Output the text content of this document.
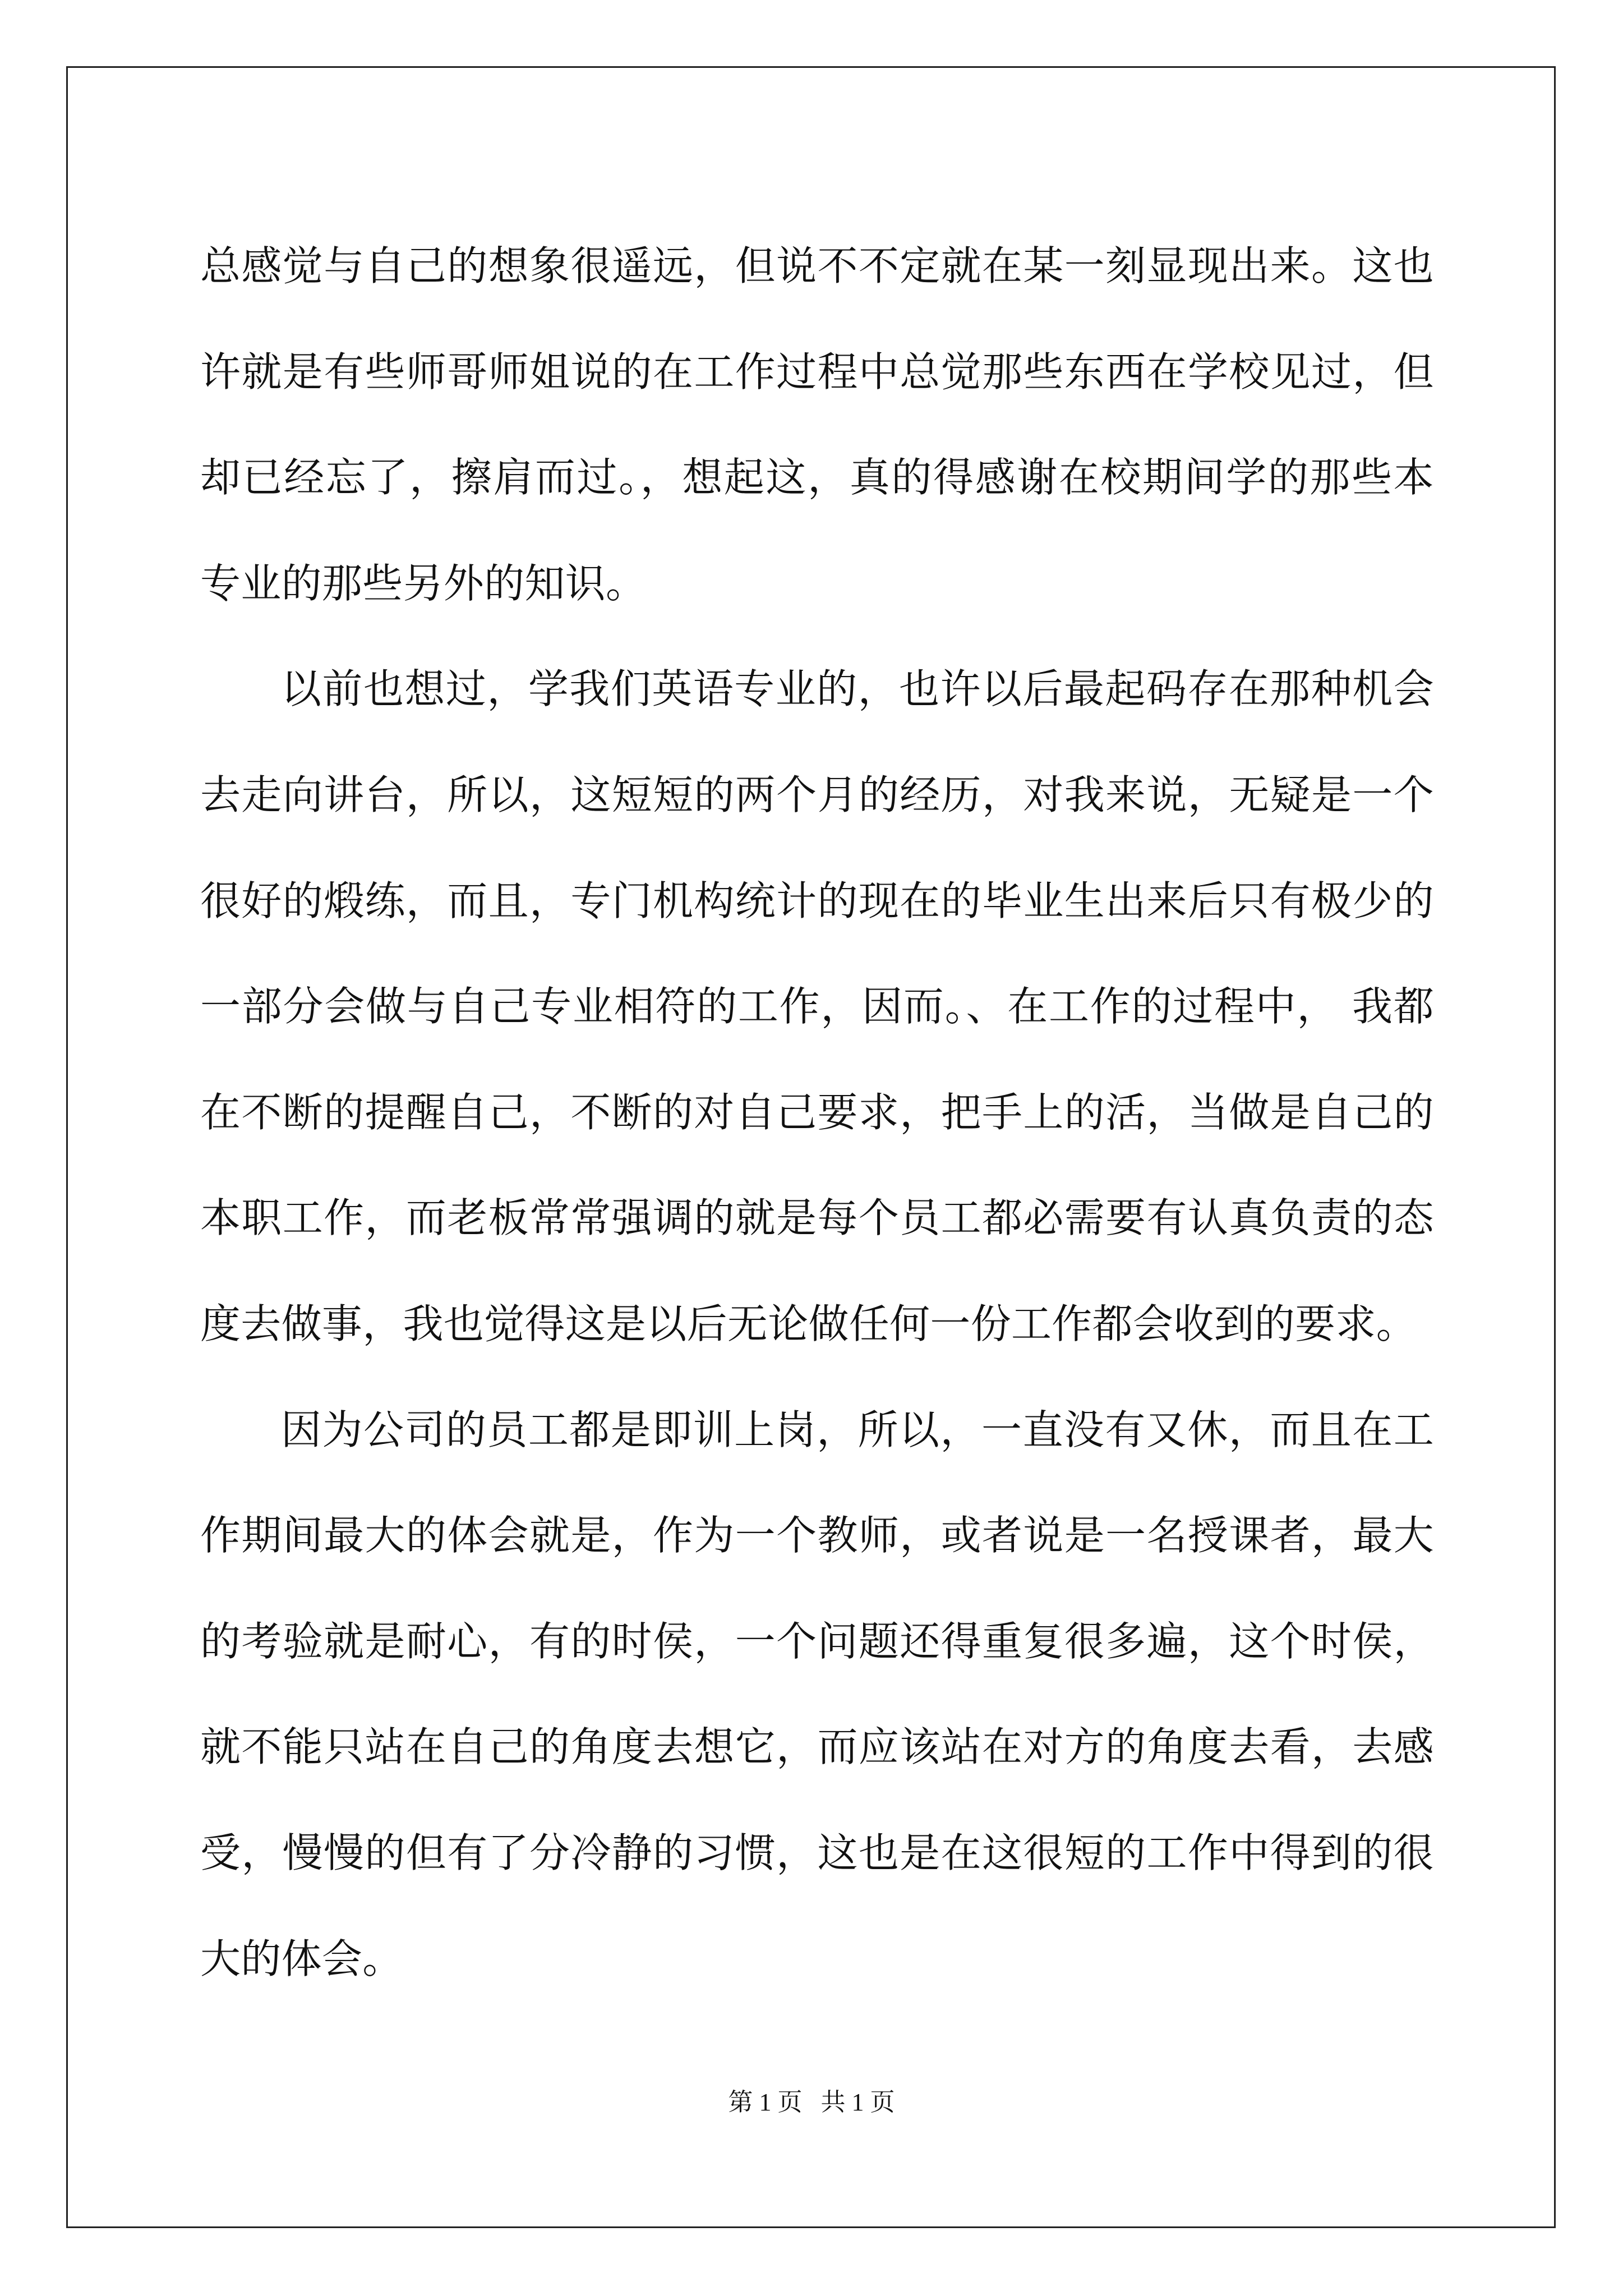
总感觉与自己的想象很遥远，但说不不定就在某一刻显现出来。这也许就是有些师哥师姐说的在工作过程中总觉那些东西在学校见过，但却已经忘了，擦肩而过。，想起这，真的得感谢在校期间学的那些本专业的那些另外的知识。

以前也想过，学我们英语专业的，也许以后最起码存在那种机会去走向讲台，所以，这短短的两个月的经历，对我来说，无疑是一个很好的煅练，而且，专门机构统计的现在的毕业生出来后只有极少的一部分会做与自己专业相符的工作，因而。、在工作的过程中， 我都在不断的提醒自己，不断的对自己要求，把手上的活，当做是自己的本职工作，而老板常常强调的就是每个员工都必需要有认真负责的态度去做事，我也觉得这是以后无论做任何一份工作都会收到的要求。

因为公司的员工都是即训上岗，所以，一直没有又休，而且在工作期间最大的体会就是，作为一个教师，或者说是一名授课者，最大的考验就是耐心，有的时侯，一个问题还得重复很多遍，这个时侯，就不能只站在自己的角度去想它，而应该站在对方的角度去看，去感受，慢慢的但有了分冷静的习惯，这也是在这很短的工作中得到的很大的体会。

第 1 页   共 1 页
